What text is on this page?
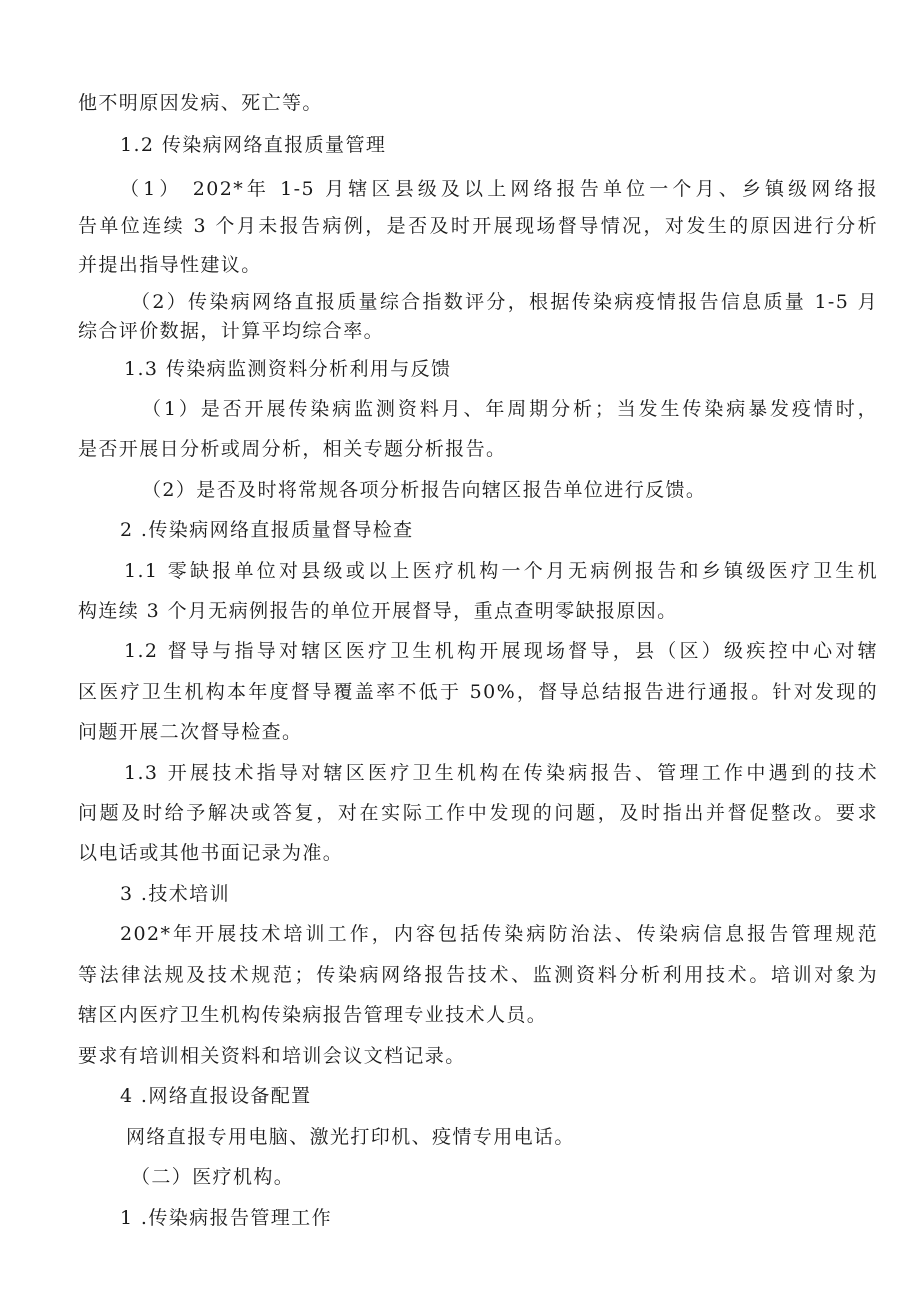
他不明原因发病、死亡等。
1.2 传染病网络直报质量管理
（1） 202*年 1-5 月辖区县级及以上网络报告单位一个月、乡镇级网络报
告单位连续 3 个月未报告病例，是否及时开展现场督导情况，对发生的原因进行分析
并提出指导性建议。
（2）传染病网络直报质量综合指数评分，根据传染病疫情报告信息质量 1-5 月
综合评价数据，计算平均综合率。
1.3 传染病监测资料分析利用与反馈
（1）是否开展传染病监测资料月、年周期分析；当发生传染病暴发疫情时，
是否开展日分析或周分析，相关专题分析报告。
（2）是否及时将常规各项分析报告向辖区报告单位进行反馈。
2 .传染病网络直报质量督导检查
1.1 零缺报单位对县级或以上医疗机构一个月无病例报告和乡镇级医疗卫生机
构连续 3 个月无病例报告的单位开展督导，重点查明零缺报原因。
1.2 督导与指导对辖区医疗卫生机构开展现场督导，县（区）级疾控中心对辖
区医疗卫生机构本年度督导覆盖率不低于 50%，督导总结报告进行通报。针对发现的
问题开展二次督导检查。
1.3 开展技术指导对辖区医疗卫生机构在传染病报告、管理工作中遇到的技术
问题及时给予解决或答复，对在实际工作中发现的问题，及时指出并督促整改。要求
以电话或其他书面记录为准。
3 .技术培训
202*年开展技术培训工作，内容包括传染病防治法、传染病信息报告管理规范
等法律法规及技术规范；传染病网络报告技术、监测资料分析利用技术。培训对象为
辖区内医疗卫生机构传染病报告管理专业技术人员。
要求有培训相关资料和培训会议文档记录。
4 .网络直报设备配置
网络直报专用电脑、激光打印机、疫情专用电话。
（二）医疗机构。
1 .传染病报告管理工作
